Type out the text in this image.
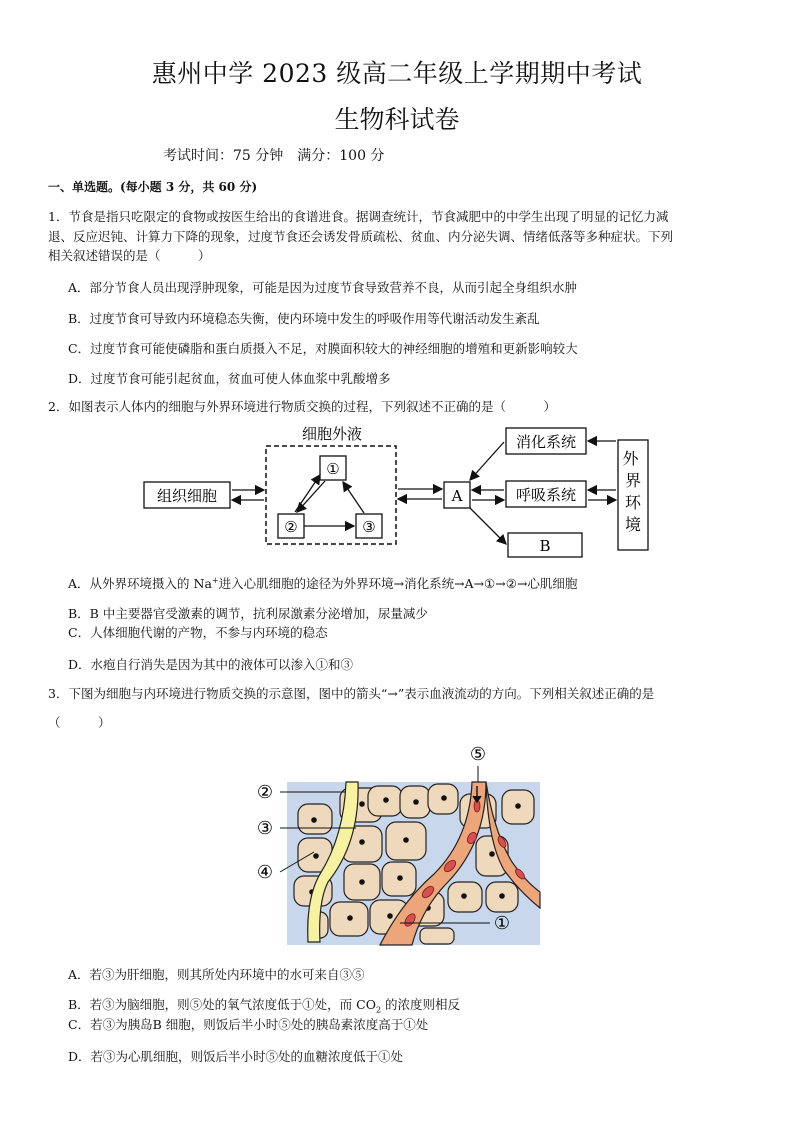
惠州中学 2023 级高二年级上学期期中考试
生物科试卷
考试时间：75 分钟　满分：100 分
一、单选题。(每小题 3 分，共 60 分)
1．节食是指只吃限定的食物或按医生给出的食谱进食。据调查统计，节食减肥中的中学生出现了明显的记忆力减
退、反应迟钝、计算力下降的现象，过度节食还会诱发骨质疏松、贫血、内分泌失调、情绪低落等多种症状。下列
相关叙述错误的是（　　　）
A．部分节食人员出现浮肿现象，可能是因为过度节食导致营养不良，从而引起全身组织水肿
B．过度节食可导致内环境稳态失衡，使内环境中发生的呼吸作用等代谢活动发生紊乱
C．过度节食可能使磷脂和蛋白质摄入不足，对膜面积较大的神经细胞的增殖和更新影响较大
D．过度节食可能引起贫血，贫血可使人体血浆中乳酸增多
2．如图表示人体内的细胞与外界环境进行物质交换的过程，下列叙述不正确的是（　　　）
细胞外液
组织细胞
①
②	③
A
消化系统
呼吸系统
B
外 界环境
A．从外界环境摄入的 Na+进入心肌细胞的途径为外界环境→消化系统→A→①→②→心肌细胞
B．B 中主要器官受激素的调节，抗利尿激素分泌增加，尿量减少
C．人体细胞代谢的产物，不参与内环境的稳态
D．水疱自行消失是因为其中的液体可以渗入①和③
3．下图为细胞与内环境进行物质交换的示意图，图中的箭头“→”表示血液流动的方向。下列相关叙述正确的是
（　　　）
②
③
④
⑤
①
A．若③为肝细胞，则其所处内环境中的水可来自③⑤
B．若③为脑细胞，则⑤处的氧气浓度低于①处，而 $CO_2$ 的浓度则相反
C．若③为胰岛B 细胞，则饭后半小时⑤处的胰岛素浓度高于①处
D．若③为心肌细胞，则饭后半小时⑤处的血糖浓度低于①处
